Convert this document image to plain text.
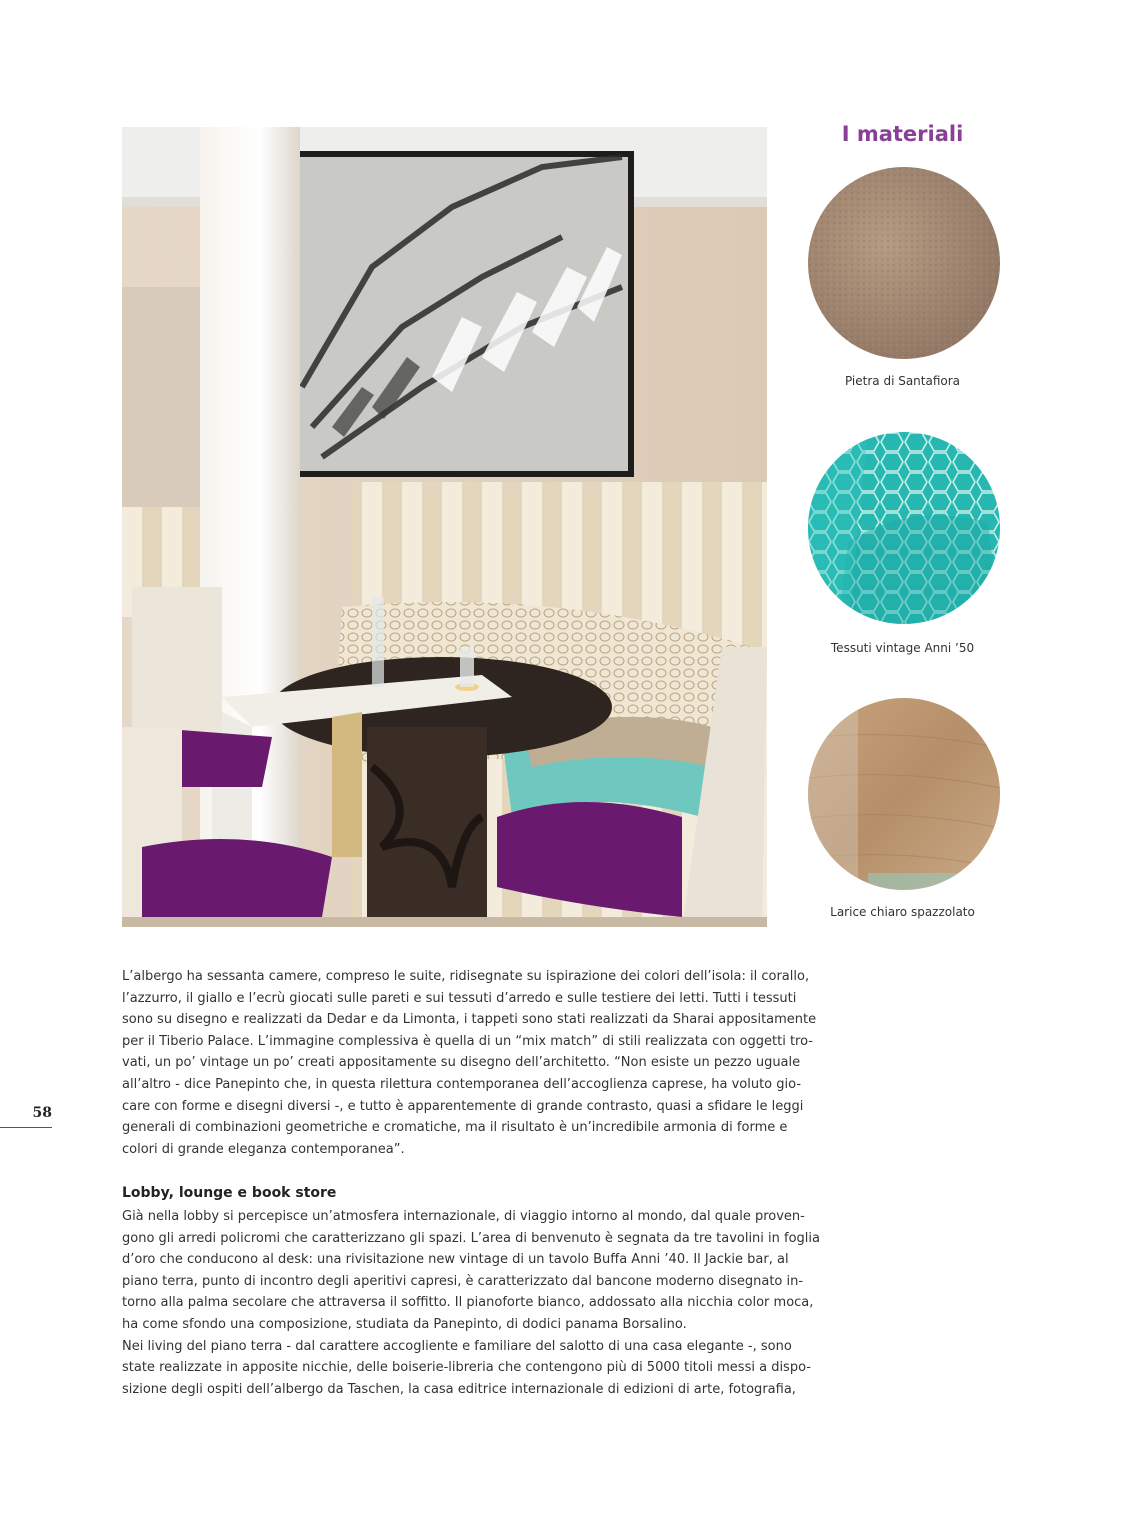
I materiali
Pietra di Santafiora
Tessuti vintage Anni ’50
Larice chiaro spazzolato
58
L’albergo ha sessanta camere, compreso le suite, ridisegnate su ispirazione dei colori dell’isola: il corallo,
l’azzurro, il giallo e l’ecrù giocati sulle pareti e sui tessuti d’arredo e sulle testiere dei letti. Tutti i tessuti
sono su disegno e realizzati da Dedar e da Limonta, i tappeti sono stati realizzati da Sharai appositamente
per il Tiberio Palace. L’immagine complessiva è quella di un “mix match” di stili realizzata con oggetti tro-
vati, un po’ vintage un po’ creati appositamente su disegno dell’architetto. “Non esiste un pezzo uguale
all’altro - dice Panepinto che, in questa rilettura contemporanea dell’accoglienza caprese, ha voluto gio-
care con forme e disegni diversi -, e tutto è apparentemente di grande contrasto, quasi a sfidare le leggi
generali di combinazioni geometriche e cromatiche, ma il risultato è un’incredibile armonia di forme e
colori di grande eleganza contemporanea”.
Lobby, lounge e book store
Già nella lobby si percepisce un’atmosfera internazionale, di viaggio intorno al mondo, dal quale proven-
gono gli arredi policromi che caratterizzano gli spazi. L’area di benvenuto è segnata da tre tavolini in foglia
d’oro che conducono al desk: una rivisitazione new vintage di un tavolo Buffa Anni ’40. Il Jackie bar, al
piano terra, punto di incontro degli aperitivi capresi, è caratterizzato dal bancone moderno disegnato in-
torno alla palma secolare che attraversa il soffitto. Il pianoforte bianco, addossato alla nicchia color moca,
ha come sfondo una composizione, studiata da Panepinto, di dodici panama Borsalino.
Nei living del piano terra - dal carattere accogliente e familiare del salotto di una casa elegante -, sono
state realizzate in apposite nicchie, delle boiserie-libreria che contengono più di 5000 titoli messi a dispo-
sizione degli ospiti dell’albergo da Taschen, la casa editrice internazionale di edizioni di arte, fotografia,
